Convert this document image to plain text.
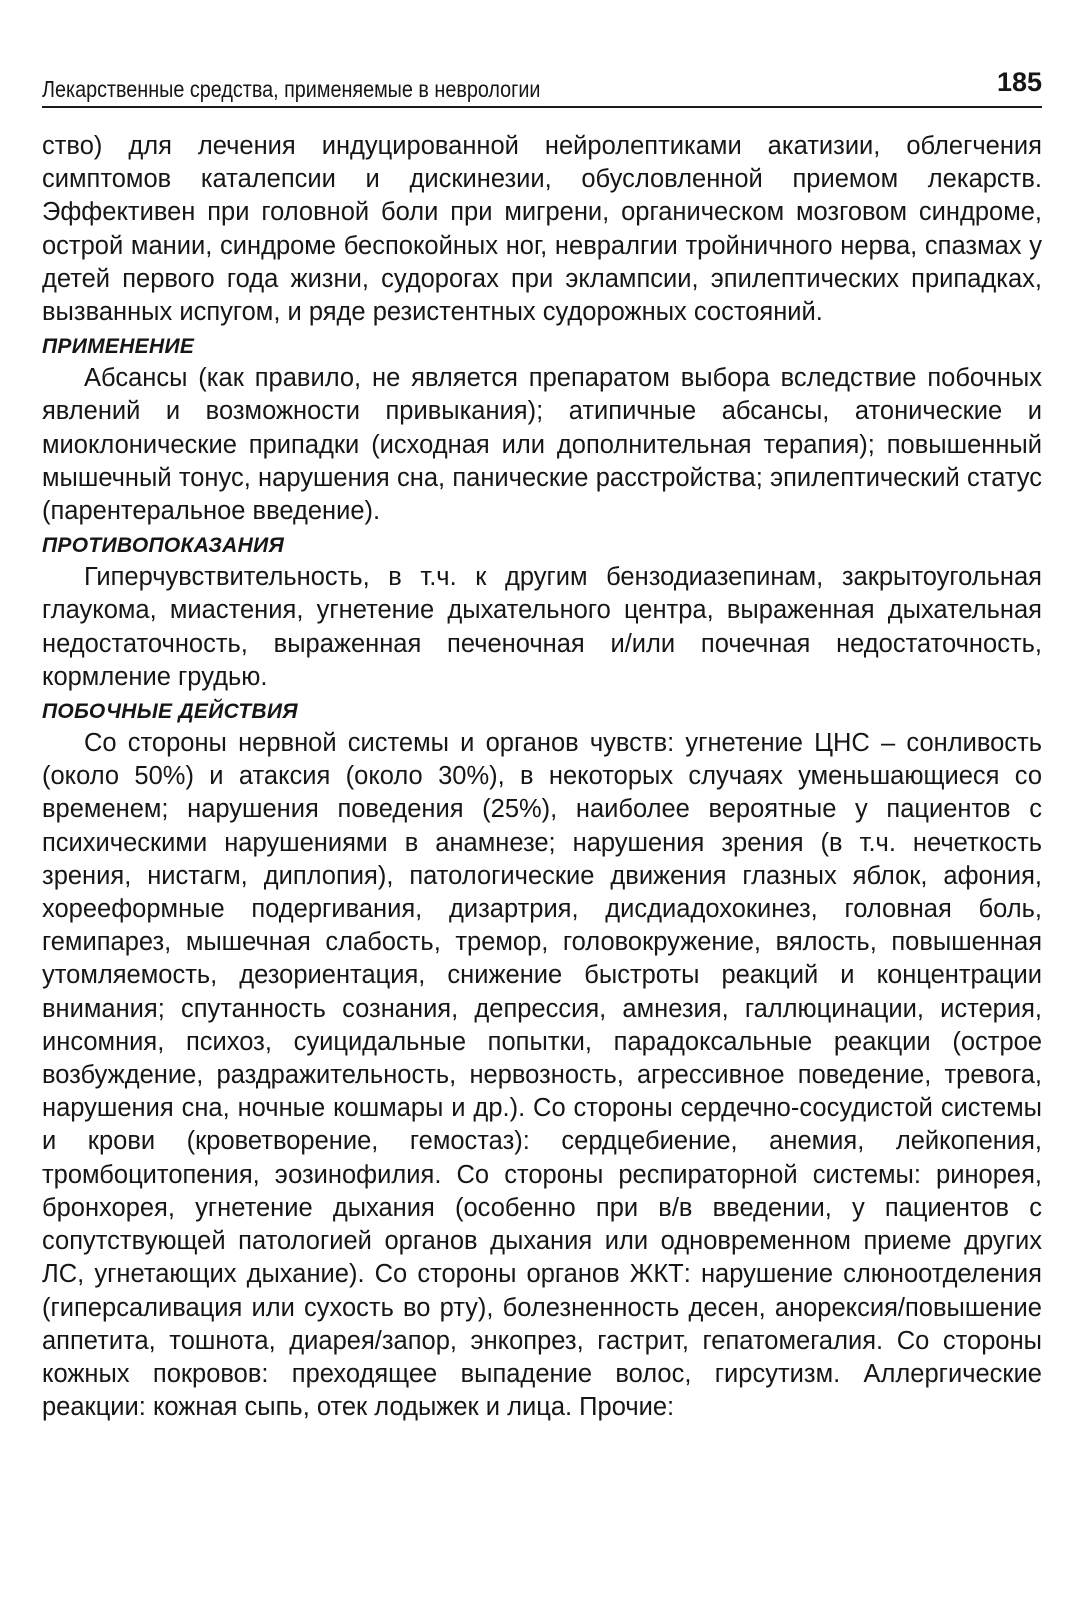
Лекарственные средства, применяемые в неврологии	185

ство) для лечения индуцированной нейролептиками акатизии, облегчения симптомов каталепсии и дискинезии, обусловленной приемом лекарств. Эффективен при головной боли при мигрени, органическом мозговом синдроме, острой мании, синдроме беспокойных ног, невралгии тройничного нерва, спазмах у детей первого года жизни, судорогах при эклампсии, эпилептических припадках, вызванных испугом, и ряде резистентных судорожных состояний.

ПРИМЕНЕНИЕ

Абсансы (как правило, не является препаратом выбора вследствие побочных явлений и возможности привыкания); атипичные абсансы, атонические и миоклонические припадки (исходная или дополнительная терапия); повышенный мышечный тонус, нарушения сна, панические расстройства; эпилептический статус (парентеральное введение).

ПРОТИВОПОКАЗАНИЯ

Гиперчувствительность, в т.ч. к другим бензодиазепинам, закрытоугольная глаукома, миастения, угнетение дыхательного центра, выраженная дыхательная недостаточность, выраженная печеночная и/или почечная недостаточность, кормление грудью.

ПОБОЧНЫЕ ДЕЙСТВИЯ

Со стороны нервной системы и органов чувств: угнетение ЦНС – сонливость (около 50%) и атаксия (около 30%), в некоторых случаях уменьшающиеся со временем; нарушения поведения (25%), наиболее вероятные у пациентов с психическими нарушениями в анамнезе; нарушения зрения (в т.ч. нечеткость зрения, нистагм, диплопия), патологические движения глазных яблок, афония, хорееформные подергивания, дизартрия, дисдиадохокинез, головная боль, гемипарез, мышечная слабость, тремор, головокружение, вялость, повышенная утомляемость, дезориентация, снижение быстроты реакций и концентрации внимания; спутанность сознания, депрессия, амнезия, галлюцинации, истерия, инсомния, психоз, суицидальные попытки, парадоксальные реакции (острое возбуждение, раздражительность, нервозность, агрессивное поведение, тревога, нарушения сна, ночные кошмары и др.). Со стороны сердечно-сосудистой системы и крови (кроветворение, гемостаз): сердцебиение, анемия, лейкопения, тромбоцитопения, эозинофилия. Со стороны респираторной системы: ринорея, бронхорея, угнетение дыхания (особенно при в/в введении, у пациентов с сопутствующей патологией органов дыхания или одновременном приеме других ЛС, угнетающих дыхание). Со стороны органов ЖКТ: нарушение слюноотделения (гиперсаливация или сухость во рту), болезненность десен, анорексия/повышение аппетита, тошнота, диарея/запор, энкопрез, гастрит, гепатомегалия. Со стороны кожных покровов: преходящее выпадение волос, гирсутизм. Аллергические реакции: кожная сыпь, отек лодыжек и лица. Прочие:
